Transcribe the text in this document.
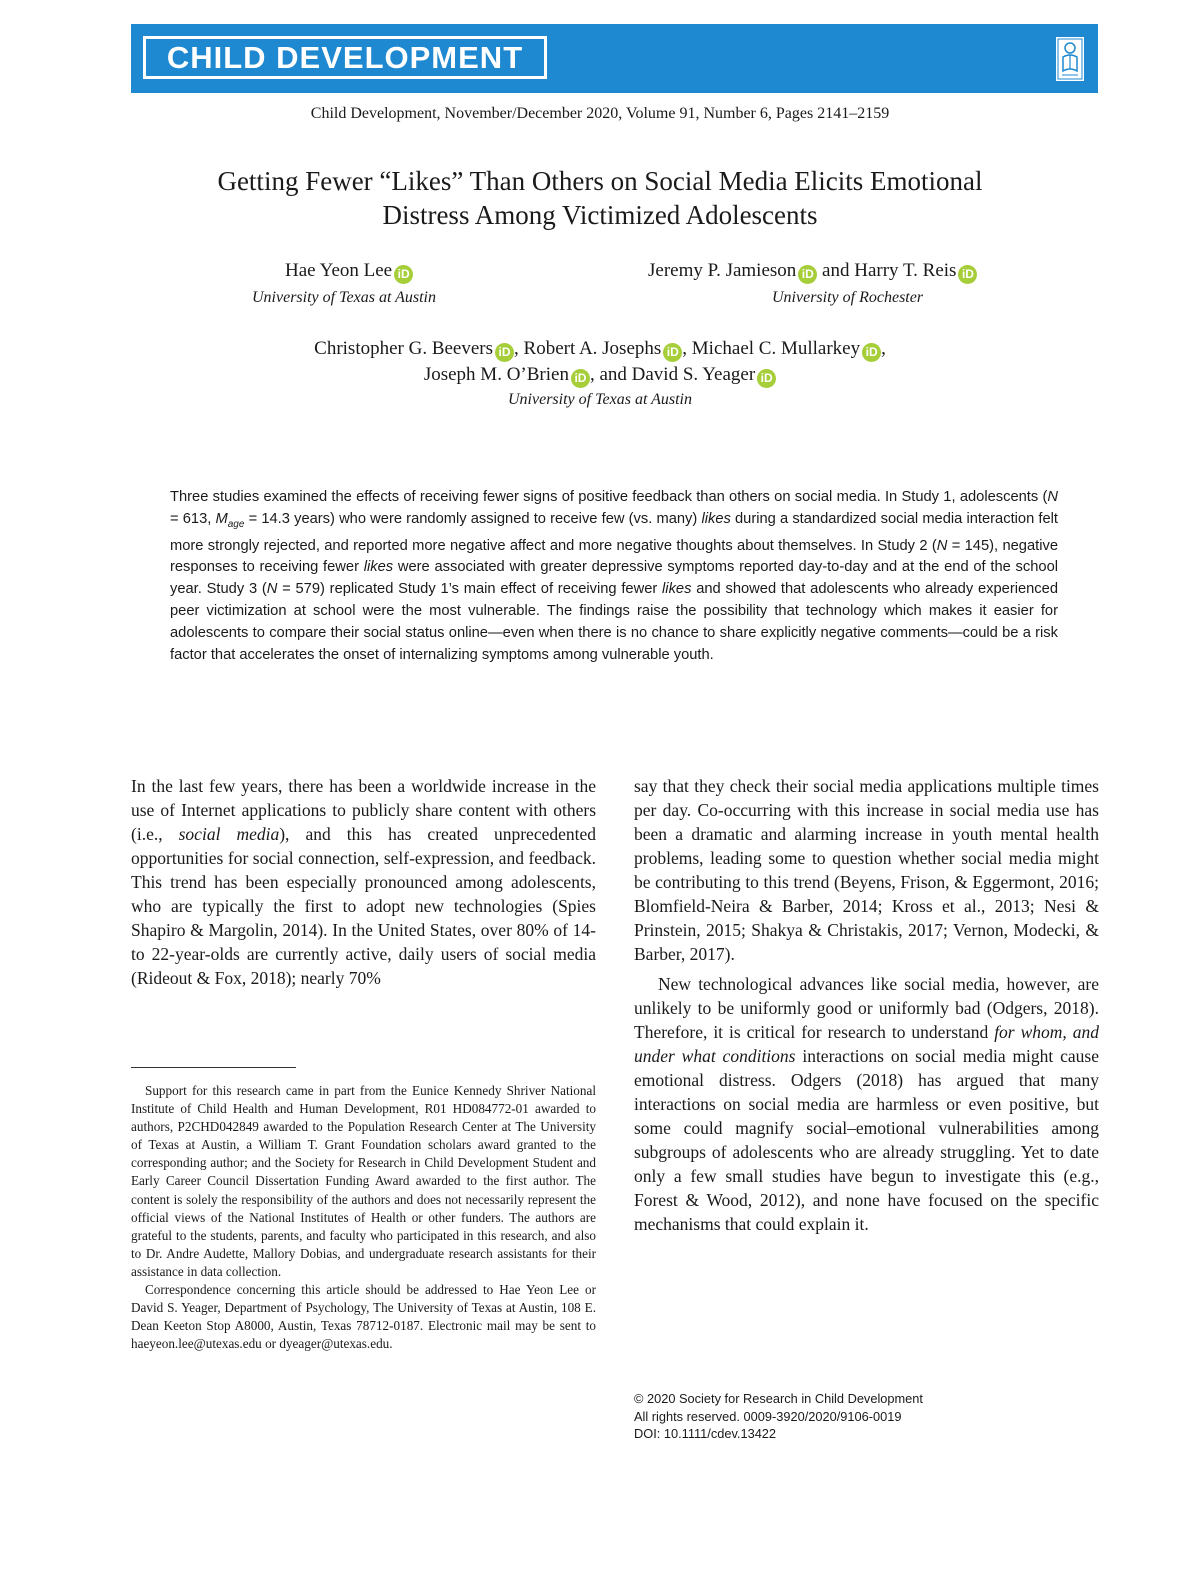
CHILD DEVELOPMENT
Child Development, November/December 2020, Volume 91, Number 6, Pages 2141–2159
Getting Fewer “Likes” Than Others on Social Media Elicits Emotional
Distress Among Victimized Adolescents
Hae Yeon Lee iD
University of Texas at Austin
Jeremy P. Jamieson iD and Harry T. Reis iD
University of Rochester
Christopher G. Beevers iD , Robert A. Josephs iD , Michael C. Mullarkey iD ,
Joseph M. O’Brien iD , and David S. Yeager iD
University of Texas at Austin
Three studies examined the effects of receiving fewer signs of positive feedback than others on social media. In Study 1, adolescents (N = 613, $M_{age} = 14.3$ years) who were randomly assigned to receive few (vs. many) likes during a standardized social media interaction felt more strongly rejected, and reported more negative affect and more negative thoughts about themselves. In Study 2 (N = 145), negative responses to receiving fewer likes were associated with greater depressive symptoms reported day-to-day and at the end of the school year. Study 3 (N = 579) replicated Study 1’s main effect of receiving fewer likes and showed that adolescents who already experienced peer victimization at school were the most vulnerable. The findings raise the possibility that technology which makes it easier for adolescents to compare their social status online—even when there is no chance to share explicitly negative comments—could be a risk factor that accelerates the onset of internalizing symptoms among vulnerable youth.

In the last few years, there has been a worldwide increase in the use of Internet applications to publicly share content with others (i.e., social media), and this has created unprecedented opportunities for social connection, self-expression, and feedback. This trend has been especially pronounced among adolescents, who are typically the first to adopt new technologies (Spies Shapiro & Margolin, 2014). In the United States, over 80% of 14- to 22-year-olds are currently active, daily users of social media (Rideout & Fox, 2018); nearly 70%

Support for this research came in part from the Eunice Kennedy Shriver National Institute of Child Health and Human Development, R01 HD084772-01 awarded to authors, P2CHD042849 awarded to the Population Research Center at The University of Texas at Austin, a William T. Grant Foundation scholars award granted to the corresponding author; and the Society for Research in Child Development Student and Early Career Council Dissertation Funding Award awarded to the first author. The content is solely the responsibility of the authors and does not necessarily represent the official views of the National Institutes of Health or other funders. The authors are grateful to the students, parents, and faculty who participated in this research, and also to Dr. Andre Audette, Mallory Dobias, and undergraduate research assistants for their assistance in data collection.

Correspondence concerning this article should be addressed to Hae Yeon Lee or David S. Yeager, Department of Psychology, The University of Texas at Austin, 108 E. Dean Keeton Stop A8000, Austin, Texas 78712-0187. Electronic mail may be sent to haeyeon.lee@utexas.edu or dyeager@utexas.edu.

say that they check their social media applications multiple times per day. Co-occurring with this increase in social media use has been a dramatic and alarming increase in youth mental health problems, leading some to question whether social media might be contributing to this trend (Beyens, Frison, & Eggermont, 2016; Blomfield-Neira & Barber, 2014; Kross et al., 2013; Nesi & Prinstein, 2015; Shakya & Christakis, 2017; Vernon, Modecki, & Barber, 2017).

New technological advances like social media, however, are unlikely to be uniformly good or uniformly bad (Odgers, 2018). Therefore, it is critical for research to understand for whom, and under what conditions interactions on social media might cause emotional distress. Odgers (2018) has argued that many interactions on social media are harmless or even positive, but some could magnify social–emotional vulnerabilities among subgroups of adolescents who are already struggling. Yet to date only a few small studies have begun to investigate this (e.g., Forest & Wood, 2012), and none have focused on the specific mechanisms that could explain it.

© 2020 Society for Research in Child Development
All rights reserved. 0009-3920/2020/9106-0019
DOI: 10.1111/cdev.13422
